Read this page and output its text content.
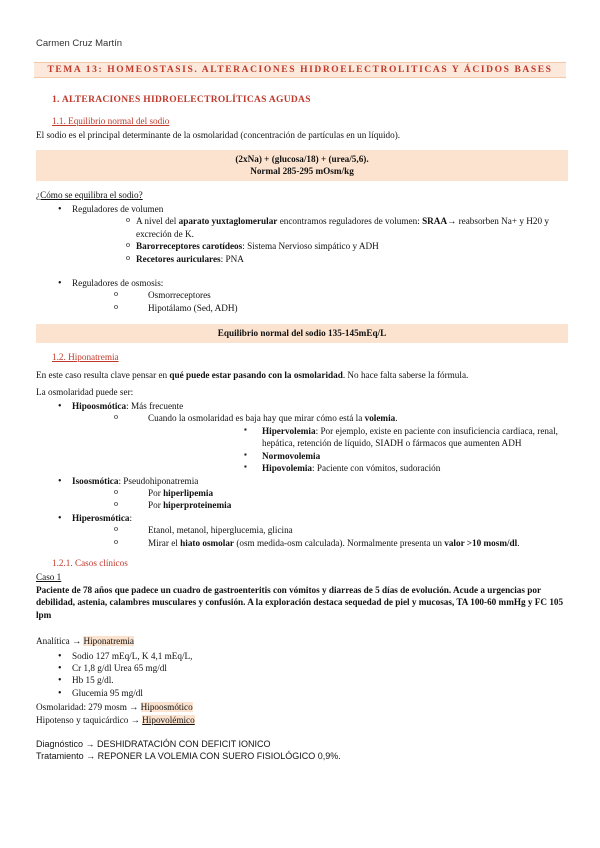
Carmen Cruz Martín
TEMA 13: HOMEOSTASIS. ALTERACIONES HIDROELECTROLITICAS Y ÁCIDOS BASES
1. ALTERACIONES HIDROELECTROLÍTICAS AGUDAS
1.1. Equilibrio normal del sodio

El sodio es el principal determinante de la osmolaridad (concentración de partículas en un líquido).

(2xNa) + (glucosa/18) + (urea/5,6).
Normal 285-295 mOsm/kg

¿Cómo se equilibra el sodio?

• Reguladores de volumen
o A nivel del aparato yuxtaglomerular encontramos reguladores de volumen: SRAA→ reabsorben Na+ y H20 y excreción de K.
o Barorreceptores carotídeos: Sistema Nervioso simpático y ADH
o Recetores auriculares: PNA
• Reguladores de osmosis:
o Osmorreceptores
o Hipotálamo (Sed, ADH)
Equilibrio normal del sodio 135-145mEq/L
1.2. Hiponatremia

En este caso resulta clave pensar en qué puede estar pasando con la osmolaridad. No hace falta saberse la fórmula.

La osmolaridad puede ser:

• Hipoosmótica: Más frecuente
o Cuando la osmolaridad es baja hay que mirar cómo está la volemia.
▪ Hipervolemia: Por ejemplo, existe en paciente con insuficiencia cardiaca, renal, hepática, retención de líquido, SIADH o fármacos que aumenten ADH
▪ Normovolemia
▪ Hipovolemia: Paciente con vómitos, sudoración
• Isoosmótica: Pseudohiponatremia
o Por hiperlipemia
o Por hiperproteinemia
• Hiperosmótica:
o Etanol, metanol, hiperglucemia, glicina
o Mirar el hiato osmolar (osm medida-osm calculada). Normalmente presenta un valor >10 mosm/dl.
1.2.1. Casos clínicos

Caso 1

Paciente de 78 años que padece un cuadro de gastroenteritis con vómitos y diarreas de 5 días de evolución. Acude a urgencias por debilidad, astenia, calambres musculares y confusión. A la exploración destaca sequedad de piel y mucosas, TA 100-60 mmHg y FC 105 lpm

Analítica → Hiponatremia

• Sodio 127 mEq/L, K 4,1 mEq/L,
• Cr 1,8 g/dl Urea 65 mg/dl
• Hb 15 g/dl.
• Glucemia 95 mg/dl

Osmolaridad: 279 mosm → Hipoosmótico

Hipotenso y taquicárdico → Hipovolémico

Diagnóstico → DESHIDRATACIÓN CON DEFICIT IONICO

Tratamiento → REPONER LA VOLEMIA CON SUERO FISIOLÓGICO 0,9%.
